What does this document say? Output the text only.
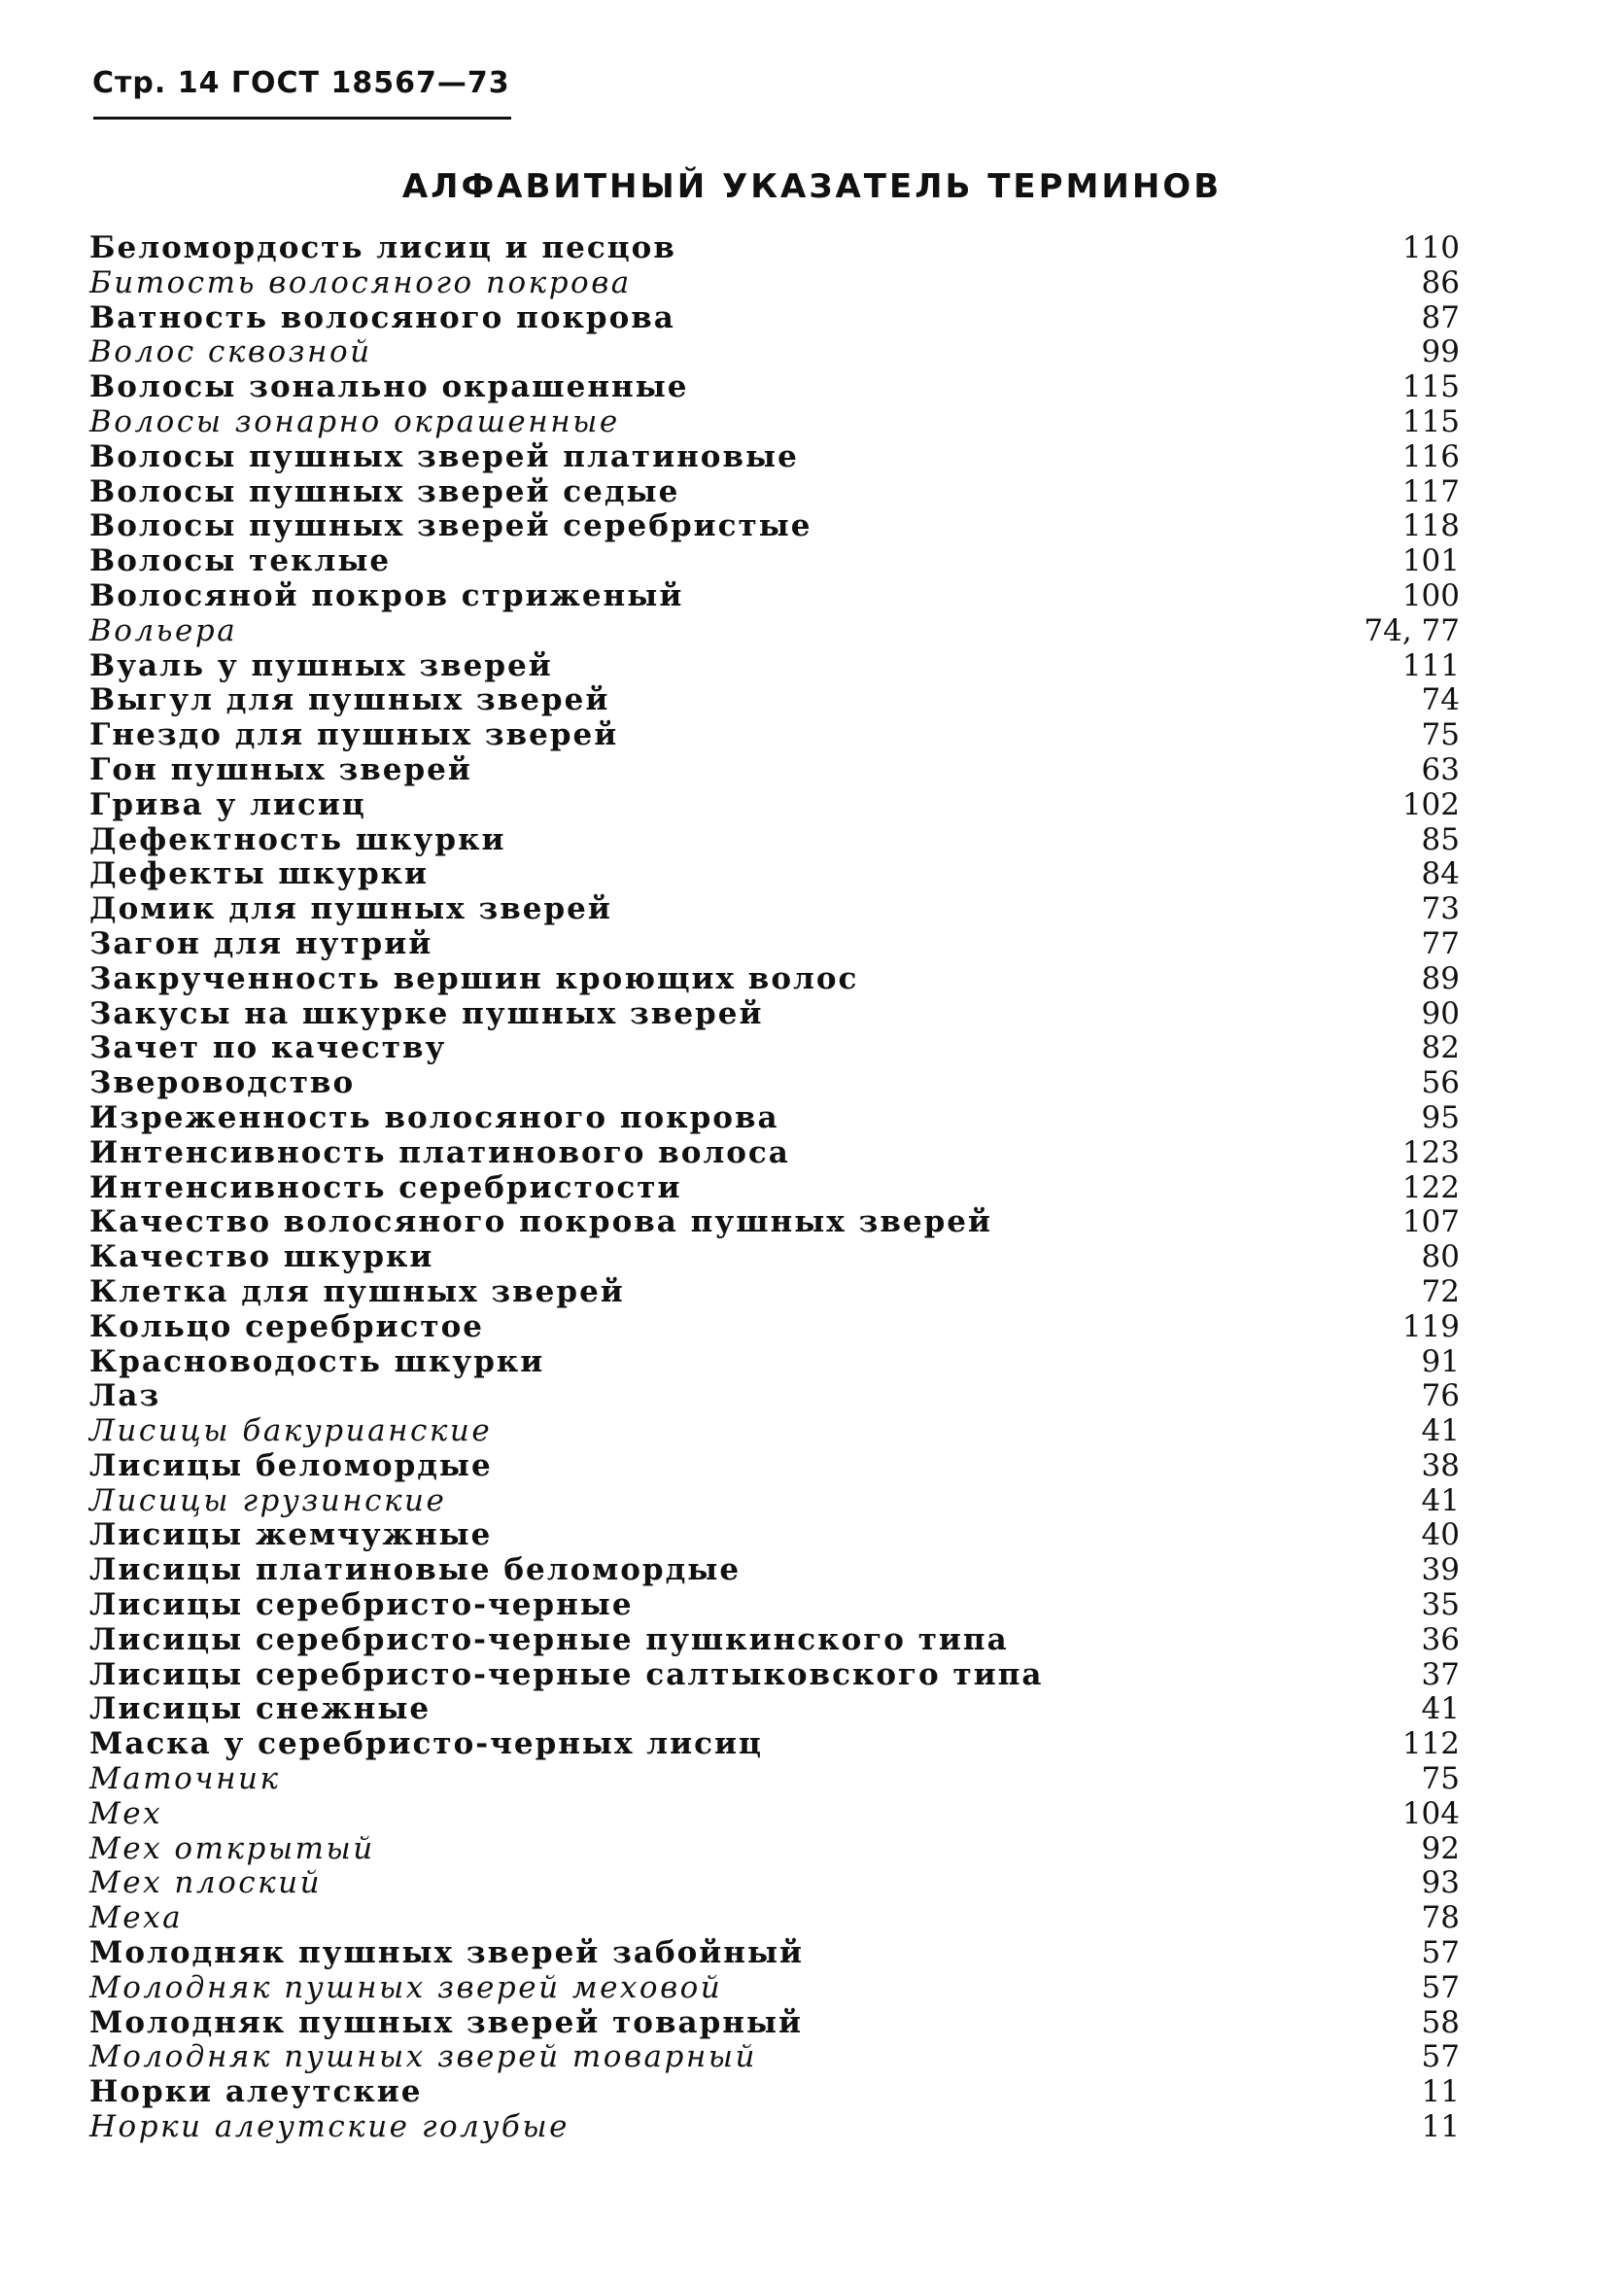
Стр. 14 ГОСТ 18567—73
АЛФАВИТНЫЙ УКАЗАТЕЛЬ ТЕРМИНОВ
Беломордость лисиц и песцов	110
Битость волосяного покрова	86
Ватность волосяного покрова	87
Волос сквозной	99
Волосы зонально окрашенные	115
Волосы зонарно окрашенные	115
Волосы пушных зверей платиновые	116
Волосы пушных зверей седые	117
Волосы пушных зверей серебристые	118
Волосы теклые	101
Волосяной покров стриженый	100
Вольера	74, 77
Вуаль у пушных зверей	111
Выгул для пушных зверей	74
Гнездо для пушных зверей	75
Гон пушных зверей	63
Грива у лисиц	102
Дефектность шкурки	85
Дефекты шкурки	84
Домик для пушных зверей	73
Загон для нутрий	77
Закрученность вершин кроющих волос	89
Закусы на шкурке пушных зверей	90
Зачет по качеству	82
Звероводство	56
Изреженность волосяного покрова	95
Интенсивность платинового волоса	123
Интенсивность серебристости	122
Качество волосяного покрова пушных зверей	107
Качество шкурки	80
Клетка для пушных зверей	72
Кольцо серебристое	119
Красноводость шкурки	91
Лаз	76
Лисицы бакурианские	41
Лисицы беломордые	38
Лисицы грузинские	41
Лисицы жемчужные	40
Лисицы платиновые беломордые	39
Лисицы серебристо-черные	35
Лисицы серебристо-черные пушкинского типа	36
Лисицы серебристо-черные салтыковского типа	37
Лисицы снежные	41
Маска у серебристо-черных лисиц	112
Маточник	75
Мех	104
Мех открытый	92
Мех плоский	93
Меха	78
Молодняк пушных зверей забойный	57
Молодняк пушных зверей меховой	57
Молодняк пушных зверей товарный	58
Молодняк пушных зверей товарный	57
Норки алеутские	11
Норки алеутские голубые	11
